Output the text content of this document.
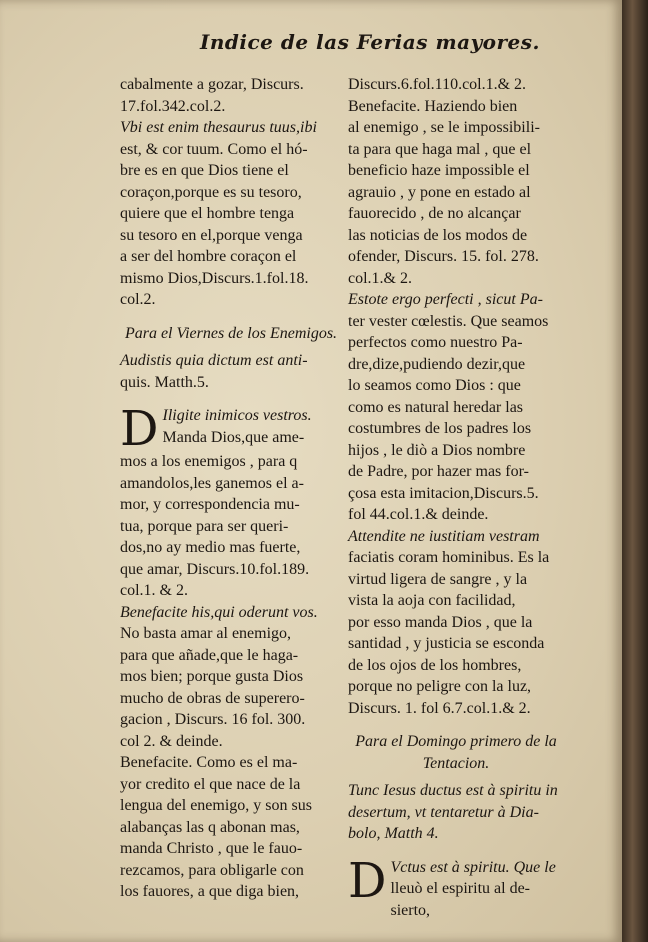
Indice de las Ferias mayores.
cabalmente a gozar, Discurs.
17.fol.342.col.2.
Vbi est enim thesaurus tuus,ibi
est, & cor tuum. Como el hó-
bre es en que Dios tiene el
coraçon,porque es su tesoro,
quiere que el hombre tenga
su tesoro en el,porque venga
a ser del hombre coraçon el
mismo Dios,Discurs.1.fol.18.
col.2.
Para el Viernes de los Enemigos.
Audistis quia dictum est anti-
quis. Matth.5.
D Iligite inimicos vestros.
Manda Dios,que ame-
mos a los enemigos , para q
amandolos,les ganemos el a-
mor, y correspondencia mu-
tua, porque para ser queri-
dos,no ay medio mas fuerte,
que amar, Discurs.10.fol.189.
col.1. & 2.
Benefacite his,qui oderunt vos.
No basta amar al enemigo,
para que añade,que le haga-
mos bien; porque gusta Dios
mucho de obras de superero-
gacion , Discurs. 16 fol. 300.
col 2. & deinde.
Benefacite. Como es el ma-
yor credito el que nace de la
lengua del enemigo, y son sus
alabanças las q abonan mas,
manda Christo , que le fauo-
rezcamos, para obligarle con
los fauores, a que diga bien,
Discurs.6.fol.110.col.1.& 2.
Benefacite. Haziendo bien
al enemigo , se le impossibili-
ta para que haga mal , que el
beneficio haze impossible el
agrauio , y pone en estado al
fauorecido , de no alcançar
las noticias de los modos de
ofender, Discurs. 15. fol. 278.
col.1.& 2.
Estote ergo perfecti , sicut Pa-
ter vester cœlestis. Que seamos
perfectos como nuestro Pa-
dre,dize,pudiendo dezir,que
lo seamos como Dios : que
como es natural heredar las
costumbres de los padres los
hijos , le diò a Dios nombre
de Padre, por hazer mas for-
çosa esta imitacion,Discurs.5.
fol 44.col.1.& deinde.
Attendite ne iustitiam vestram
faciatis coram hominibus. Es la
virtud ligera de sangre , y la
vista la aoja con facilidad,
por esso manda Dios , que la
santidad , y justicia se esconda
de los ojos de los hombres,
porque no peligre con la luz,
Discurs. 1. fol 6.7.col.1.& 2.
Para el Domingo primero de la
Tentacion.
Tunc Iesus ductus est à spiritu in
desertum, vt tentaretur à Dia-
bolo, Matth 4.
D Vctus est à spiritu. Que le
lleuò el espiritu al de-
sierto,
